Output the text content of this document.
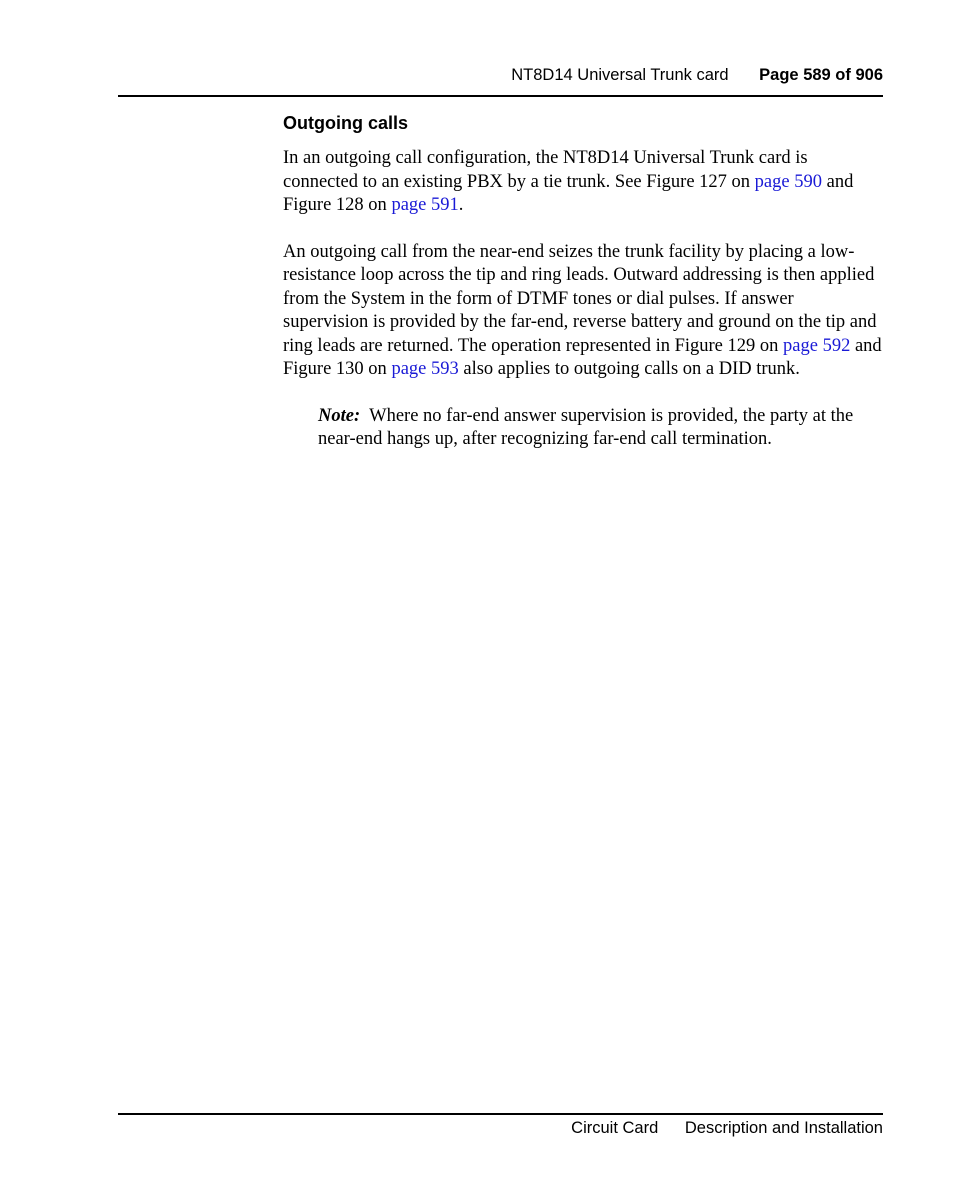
NT8D14 Universal Trunk card Page 589 of 906
Outgoing calls

In an outgoing call configuration, the NT8D14 Universal Trunk card is connected to an existing PBX by a tie trunk. See Figure 127 on page 590 and Figure 128 on page 591.

An outgoing call from the near-end seizes the trunk facility by placing a low-resistance loop across the tip and ring leads. Outward addressing is then applied from the System in the form of DTMF tones or dial pulses. If answer supervision is provided by the far-end, reverse battery and ground on the tip and ring leads are returned. The operation represented in Figure 129 on page 592 and Figure 130 on page 593 also applies to outgoing calls on a DID trunk.

Note: Where no far-end answer supervision is provided, the party at the near-end hangs up, after recognizing far-end call termination.

Circuit Card Description and Installation
